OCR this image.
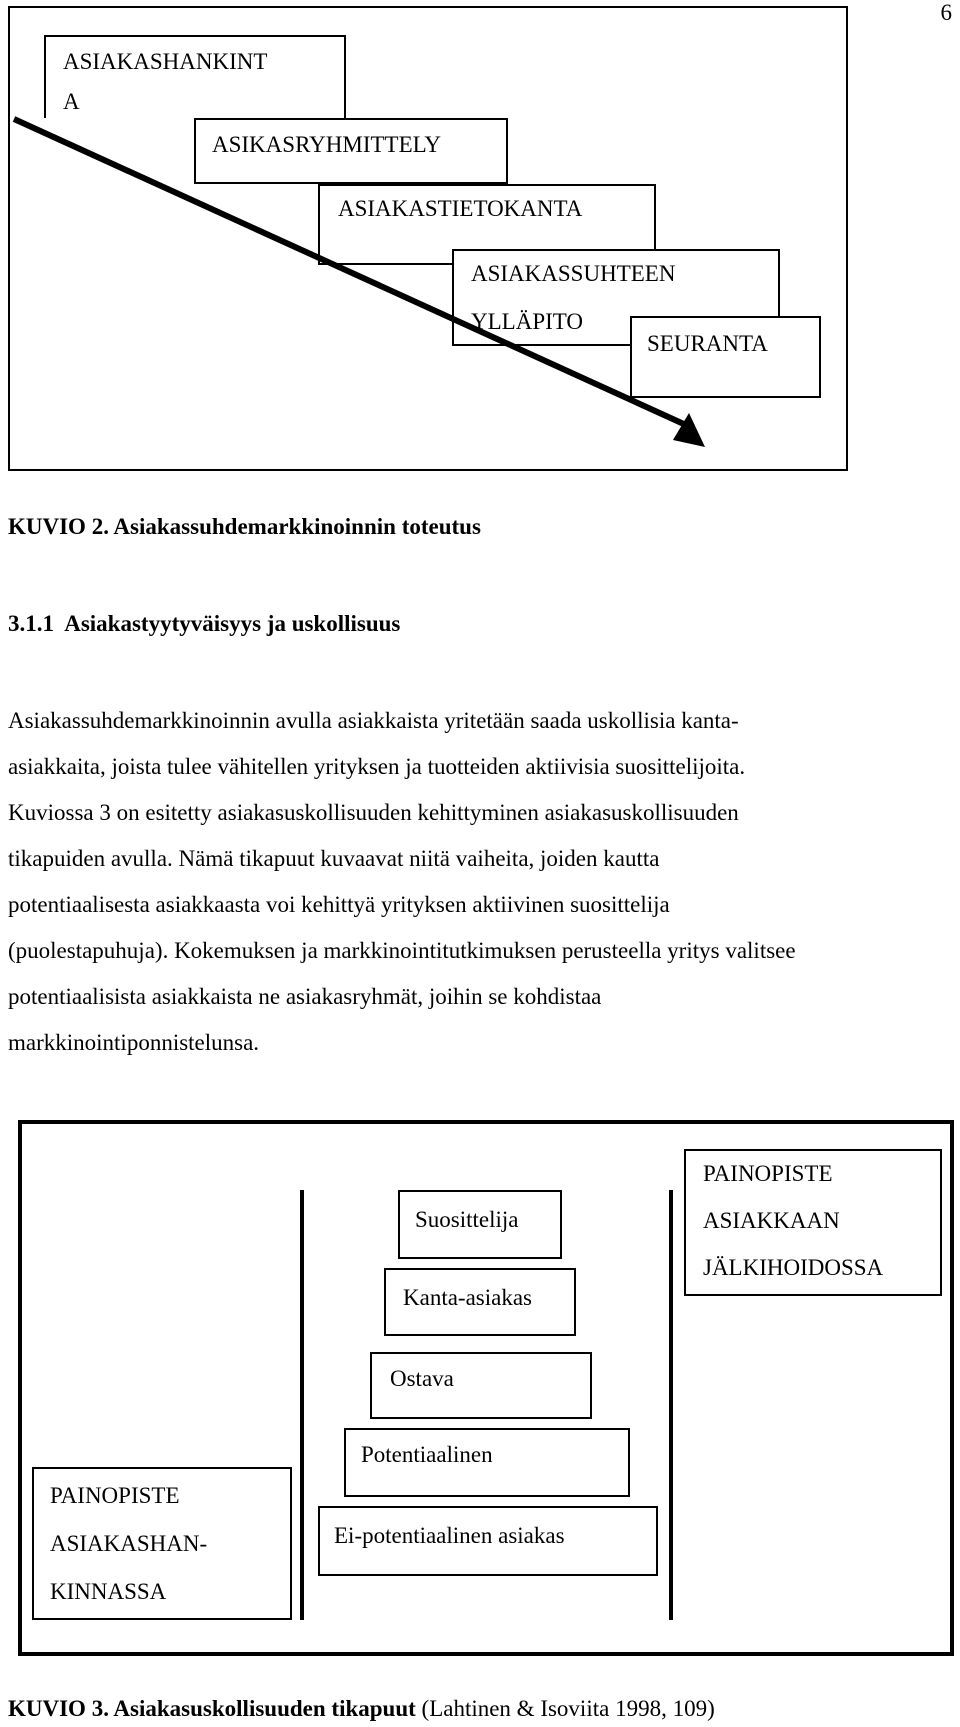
6
ASIAKASHANKINT
A
ASIKASRYHMITTELY
ASIAKASTIETOKANTA
ASIAKASSUHTEEN
YLLÄPITO
SEURANTA
KUVIO 2. Asiakassuhdemarkkinoinnin toteutus
3.1.1  Asiakastyytyväisyys ja uskollisuus
Asiakassuhdemarkkinoinnin avulla asiakkaista yritetään saada uskollisia kanta-
asiakkaita, joista tulee vähitellen yrityksen ja tuotteiden aktiivisia suosittelijoita.
Kuviossa 3 on esitetty asiakasuskollisuuden kehittyminen asiakasuskollisuuden
tikapuiden avulla. Nämä tikapuut kuvaavat niitä vaiheita, joiden kautta
potentiaalisesta asiakkaasta voi kehittyä yrityksen aktiivinen suosittelija
(puolestapuhuja). Kokemuksen ja markkinointitutkimuksen perusteella yritys valitsee
potentiaalisista asiakkaista ne asiakasryhmät, joihin se kohdistaa
markkinointiponnistelunsa.
Suosittelija
Kanta-asiakas
Ostava
Potentiaalinen
Ei-potentiaalinen asiakas
PAINOPISTE
ASIAKKAAN
JÄLKIHOIDOSSA
PAINOPISTE
ASIAKASHAN-
KINNASSA
KUVIO 3. Asiakasuskollisuuden tikapuut (Lahtinen & Isoviita 1998, 109)
